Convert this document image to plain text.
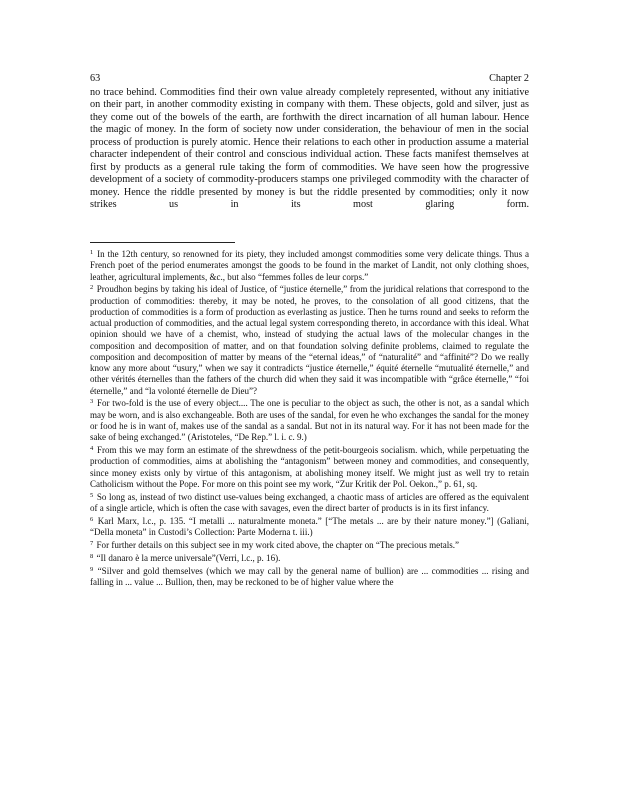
63	Chapter 2

no trace behind. Commodities find their own value already completely represented, without any initiative on their part, in another commodity existing in company with them. These objects, gold and silver, just as they come out of the bowels of the earth, are forthwith the direct incarnation of all human labour. Hence the magic of money. In the form of society now under consideration, the behaviour of men in the social process of production is purely atomic. Hence their relations to each other in production assume a material character independent of their control and conscious individual action. These facts manifest themselves at first by products as a general rule taking the form of commodities. We have seen how the progressive development of a society of commodity-producers stamps one privileged commodity with the character of money. Hence the riddle presented by money is but the riddle presented by commodities; only it now strikes us in its most glaring form.

$^1$ In the 12th century, so renowned for its piety, they included amongst commodities some very delicate things. Thus a French poet of the period enumerates amongst the goods to be found in the market of Landit, not only clothing shoes, leather, agricultural implements, &c., but also “femmes folles de leur corps.”

$^2$ Proudhon begins by taking his ideal of Justice, of “justice éternelle,” from the juridical relations that correspond to the production of commodities: thereby, it may be noted, he proves, to the consolation of all good citizens, that the production of commodities is a form of production as everlasting as justice. Then he turns round and seeks to reform the actual production of commodities, and the actual legal system corresponding thereto, in accordance with this ideal. What opinion should we have of a chemist, who, instead of studying the actual laws of the molecular changes in the composition and decomposition of matter, and on that foundation solving definite problems, claimed to regulate the composition and decomposition of matter by means of the “eternal ideas,” of “naturalité” and “affinité”? Do we really know any more about “usury,” when we say it contradicts “justice éternelle,” équité éternelle “mutualité éternelle,” and other vérités éternelles than the fathers of the church did when they said it was incompatible with “grâce éternelle,” “foi éternelle,” and “la volonté éternelle de Dieu”?

$^3$ For two-fold is the use of every object.... The one is peculiar to the object as such, the other is not, as a sandal which may be worn, and is also exchangeable. Both are uses of the sandal, for even he who exchanges the sandal for the money or food he is in want of, makes use of the sandal as a sandal. But not in its natural way. For it has not been made for the sake of being exchanged.” (Aristoteles, “De Rep.” l. i. c. 9.)

$^4$ From this we may form an estimate of the shrewdness of the petit-bourgeois socialism. which, while perpetuating the production of commodities, aims at abolishing the “antagonism” between money and commodities, and consequently, since money exists only by virtue of this antagonism, at abolishing money itself. We might just as well try to retain Catholicism without the Pope. For more on this point see my work, “Zur Kritik der Pol. Oekon.,” p. 61, sq.

$^5$ So long as, instead of two distinct use-values being exchanged, a chaotic mass of articles are offered as the equivalent of a single article, which is often the case with savages, even the direct barter of products is in its first infancy.

$^6$ Karl Marx, l.c., p. 135. “I metalli ... naturalmente moneta.” [“The metals ... are by their nature money.”] (Galiani, “Della moneta” in Custodi’s Collection: Parte Moderna t. iii.)

$^7$ For further details on this subject see in my work cited above, the chapter on “The precious metals.”

$^8$ “Il danaro è la merce universale”(Verri, l.c., p. 16).

$^9$ “Silver and gold themselves (which we may call by the general name of bullion) are ... commodities ... rising and falling in ... value ... Bullion, then, may be reckoned to be of higher value where the
